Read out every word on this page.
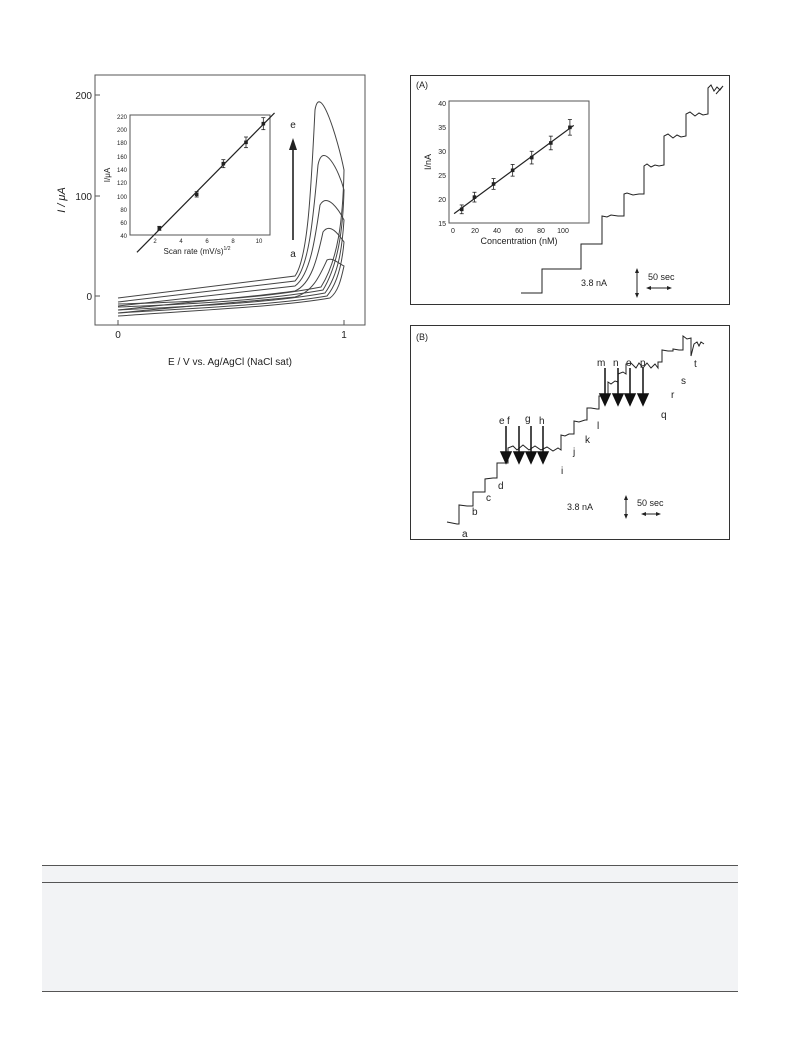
200
100
0
0	1
I / μA
E / V vs. Ag/AgCl (NaCl sat)
a
e
I/μA
220
200
180
160
140
120
100
80
60
40
2	4	6	8	10
Scan rate $(mV/s)^{1/2}$
(A)
3.8 nA
50 sec
I/nA
40
35
30
25
20
15
0 20 40 60 80 100
Concentration (nM)
(B)
a
b
c
d
e f g h
i
j
k
l
m n o p
q
r
s
t
3.8 nA	50 sec
